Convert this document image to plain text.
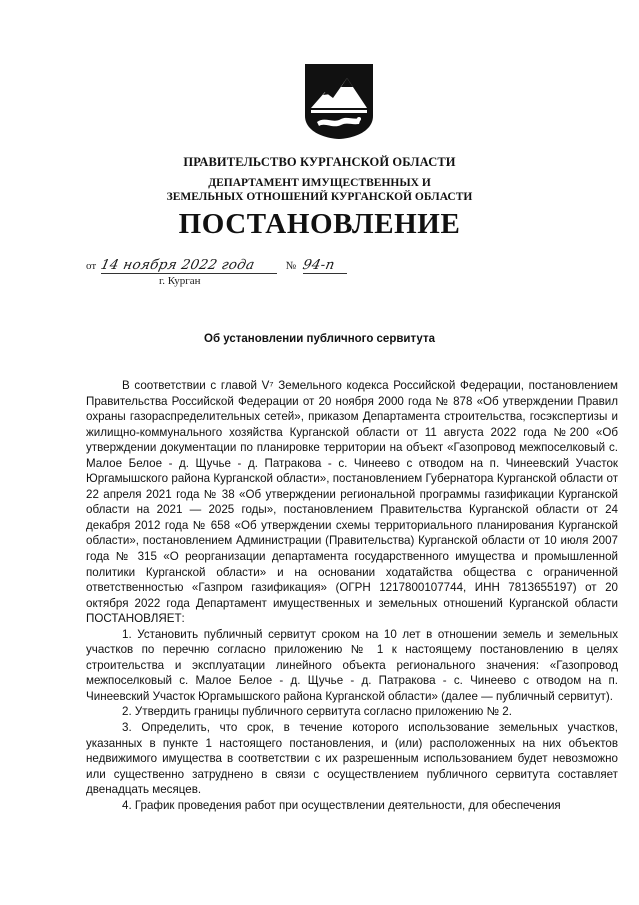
ПРАВИТЕЛЬСТВО КУРГАНСКОЙ ОБЛАСТИ
ДЕПАРТАМЕНТ ИМУЩЕСТВЕННЫХ И
ЗЕМЕЛЬНЫХ ОТНОШЕНИЙ КУРГАНСКОЙ ОБЛАСТИ
ПОСТАНОВЛЕНИЕ
от 14 ноября 2022 года	№ 94-п
г. Курган
Об установлении публичного сервитута

В соответствии с главой V⁷ Земельного кодекса Российской Федерации, постановлением Правительства Российской Федерации от 20 ноября 2000 года № 878 «Об утверждении Правил охраны газораспределительных сетей», приказом Департамента строительства, госэкспертизы и жилищно-коммунального хозяйства Курганской области от 11 августа 2022 года №200 «Об утверждении документации по планировке территории на объект «Газопровод межпоселковый с. Малое Белое - д. Щучье - д. Патракова - с. Чинеево с отводом на п. Чинеевский Участок Юргамышского района Курганской области», постановлением Губернатора Курганской области от 22 апреля 2021 года № 38 «Об утверждении региональной программы газификации Курганской области на 2021 — 2025 годы», постановлением Правительства Курганской области от 24 декабря 2012 года № 658 «Об утверждении схемы территориального планирования Курганской области», постановлением Администрации (Правительства) Курганской области от 10 июля 2007 года № 315 «О реорганизации департамента государственного имущества и промышленной политики Курганской области» и на основании ходатайства общества с ограниченной ответственностью «Газпром газификация» (ОГРН 1217800107744, ИНН 7813655197) от 20 октября 2022 года Департамент имущественных и земельных отношений Курганской области ПОСТАНОВЛЯЕТ:

1. Установить публичный сервитут сроком на 10 лет в отношении земель и земельных участков по перечню согласно приложению № 1 к настоящему постановлению в целях строительства и эксплуатации линейного объекта регионального значения: «Газопровод межпоселковый с. Малое Белое - д. Щучье - д. Патракова - с. Чинеево с отводом на п. Чинеевский Участок Юргамышского района Курганской области» (далее — публичный сервитут).

2. Утвердить границы публичного сервитута согласно приложению № 2.

3. Определить, что срок, в течение которого использование земельных участков, указанных в пункте 1 настоящего постановления, и (или) расположенных на них объектов недвижимого имущества в соответствии с их разрешенным использованием будет невозможно или существенно затруднено в связи с осуществлением публичного сервитута составляет двенадцать месяцев.

4. График проведения работ при осуществлении деятельности, для обеспечения
